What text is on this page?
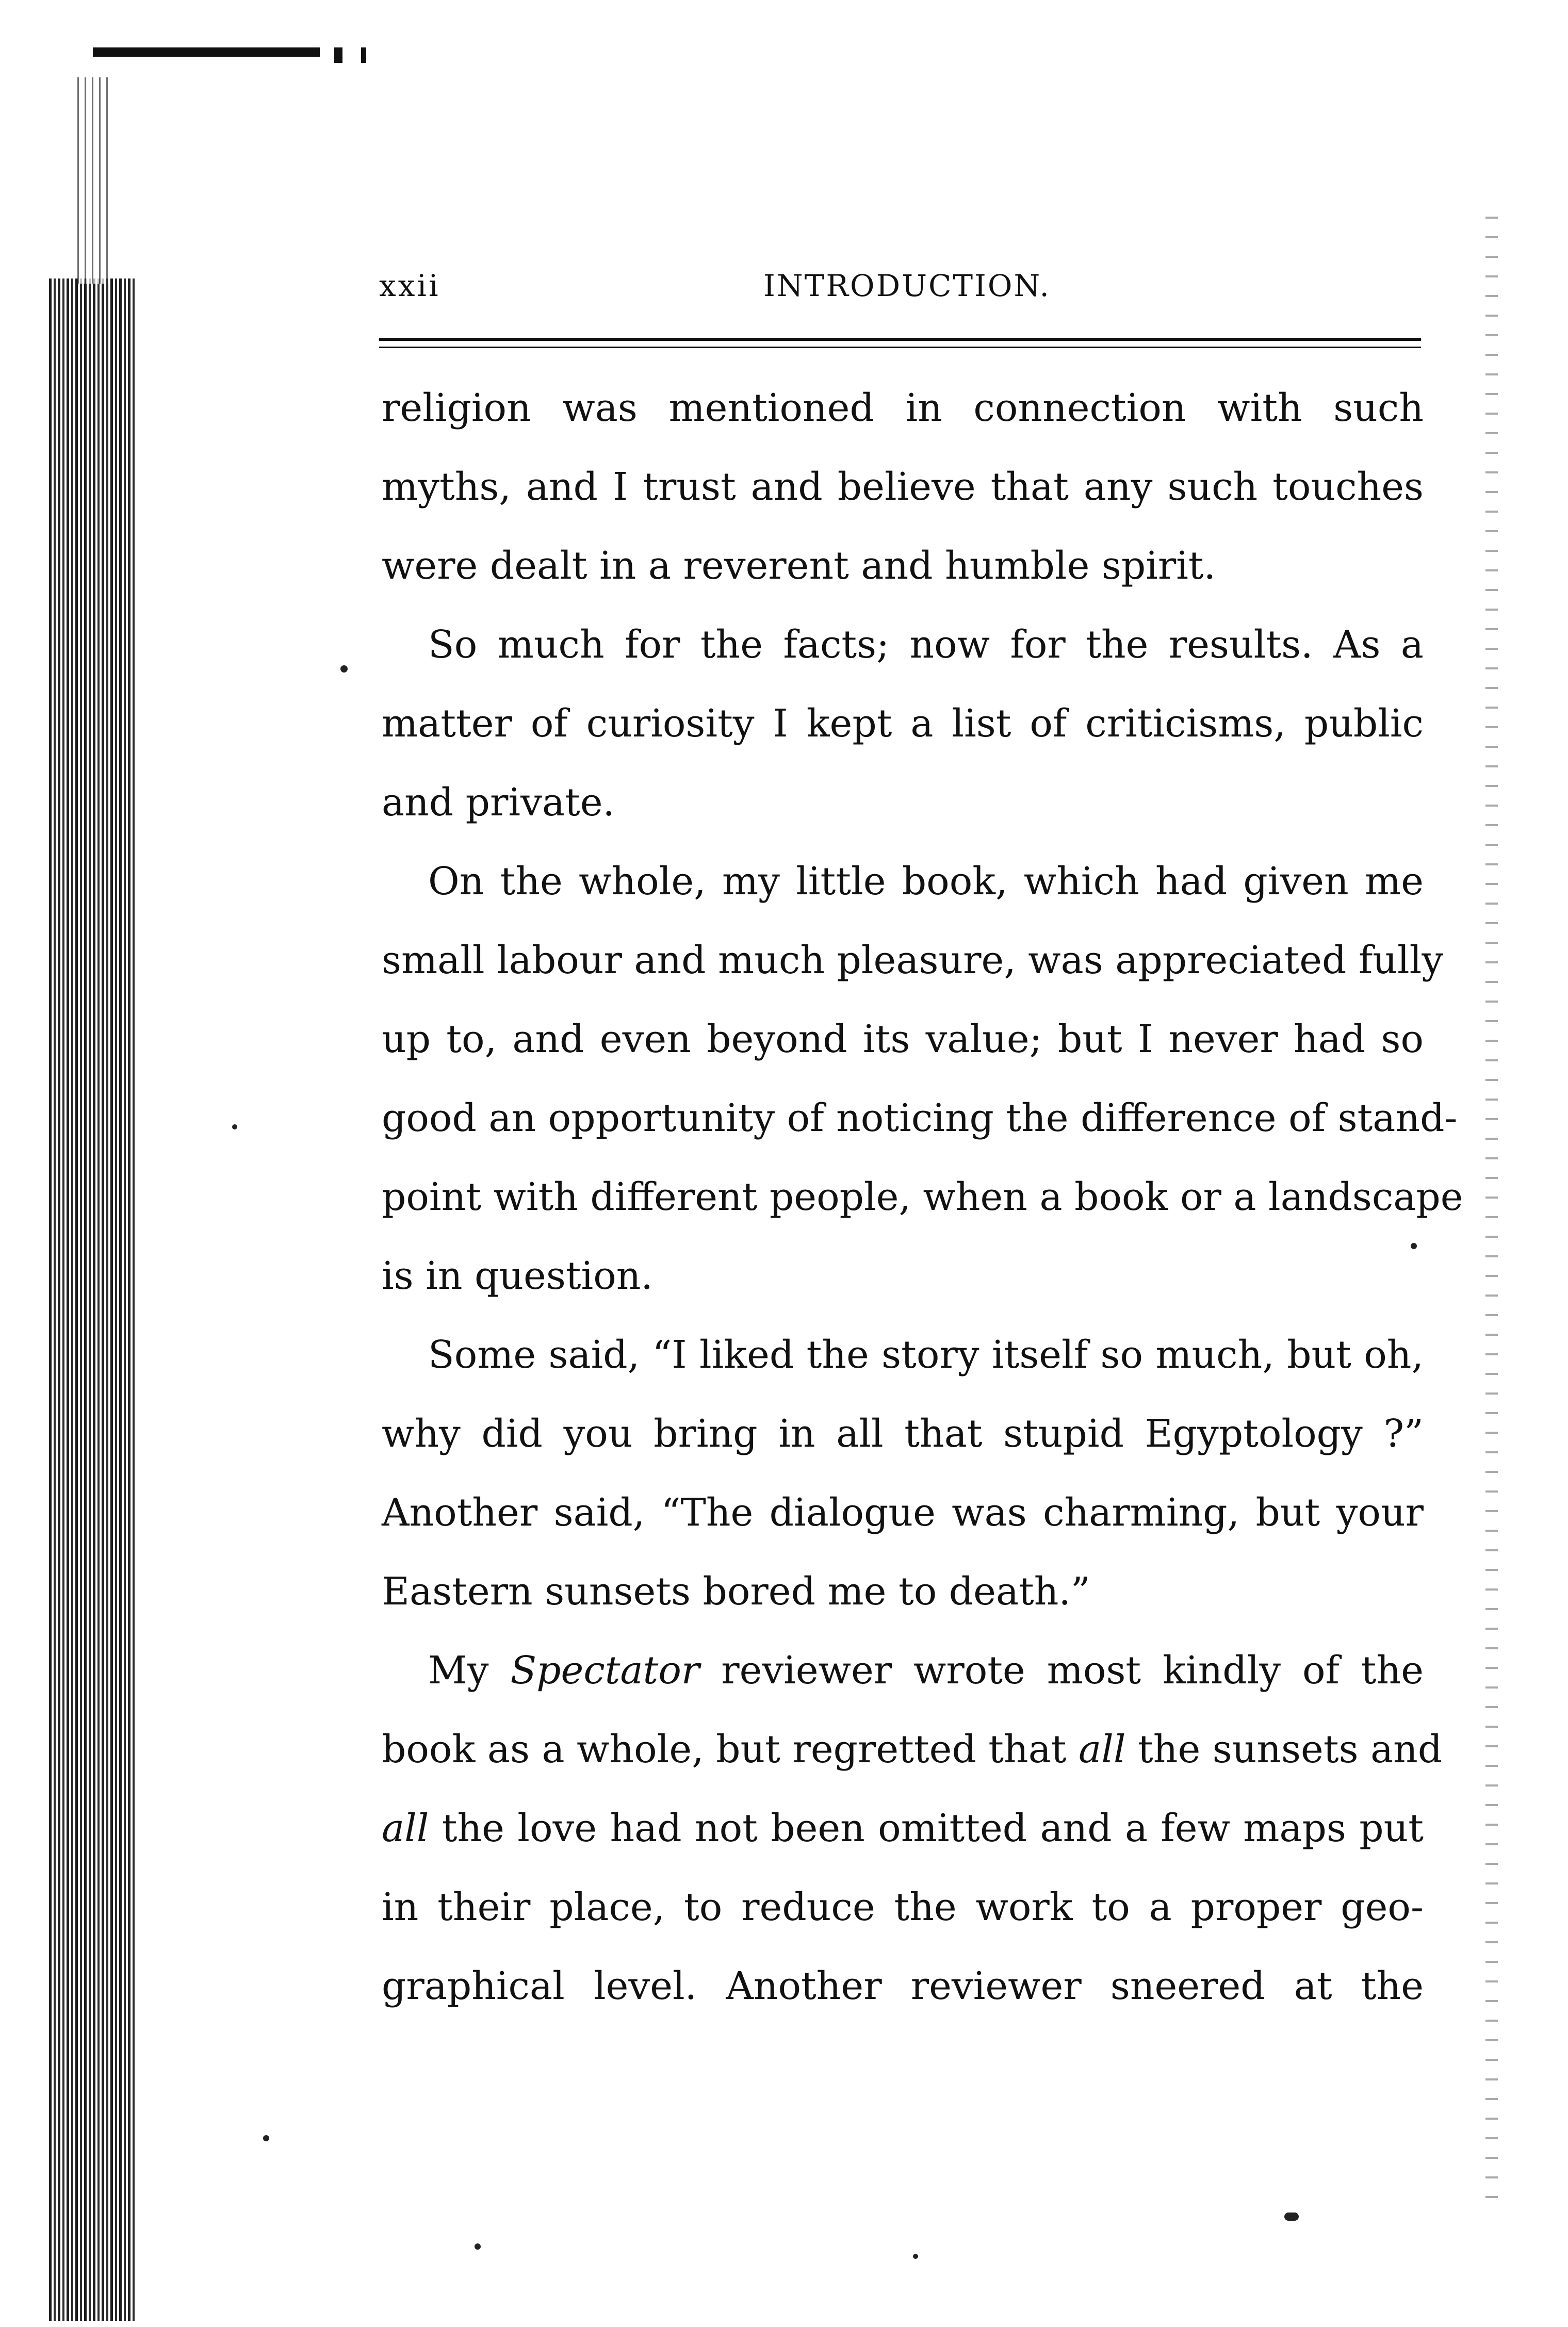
xxii	INTRODUCTION.
religion was mentioned in connection with such
myths, and I trust and believe that any such touches
were dealt in a reverent and humble spirit.
So much for the facts; now for the results. As a
matter of curiosity I kept a list of criticisms, public
and private.
On the whole, my little book, which had given me
small labour and much pleasure, was appreciated fully
up to, and even beyond its value; but I never had so
good an opportunity of noticing the difference of stand-
point with different people, when a book or a landscape
is in question.
Some said, “I liked the story itself so much, but oh,
why did you bring in all that stupid Egyptology ?”
Another said, “The dialogue was charming, but your
Eastern sunsets bored me to death.”
My Spectator reviewer wrote most kindly of the
book as a whole, but regretted that all the sunsets and
all the love had not been omitted and a few maps put
in their place, to reduce the work to a proper geo-
graphical level. Another reviewer sneered at the
